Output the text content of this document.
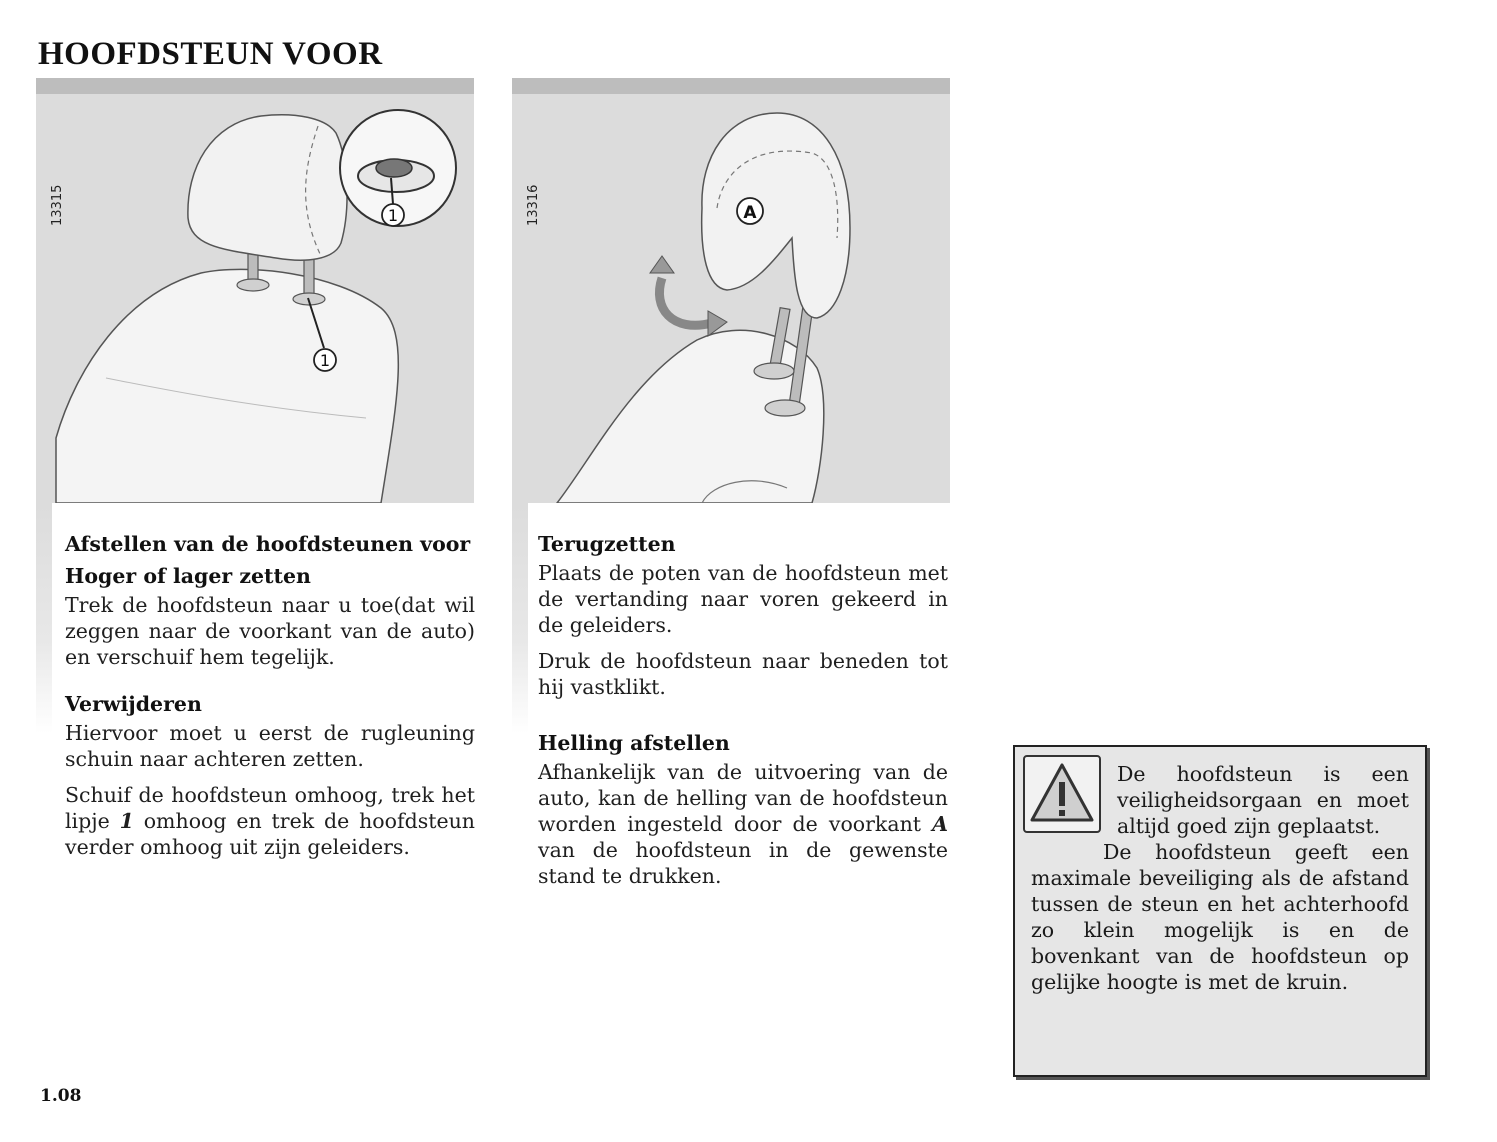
HOOFDSTEUN VOOR
13315	1
1
13316	A
Afstellen van de hoofdsteunen voor
Hoger of lager zetten

Trek de hoofdsteun naar u toe(dat wil zeggen naar de voorkant van de auto) en verschuif hem tegelijk.

Verwijderen

Hiervoor moet u eerst de rugleuning schuin naar achteren zetten.

Schuif de hoofdsteun omhoog, trek het lipje 1 omhoog en trek de hoofdsteun verder omhoog uit zijn geleiders.

Terugzetten

Plaats de poten van de hoofdsteun met de vertanding naar voren gekeerd in de geleiders.

Druk de hoofdsteun naar beneden tot hij vastklikt.

Helling afstellen

Afhankelijk van de uitvoering van de auto, kan de helling van de hoofdsteun worden ingesteld door de voorkant A van de hoofdsteun in de gewenste stand te drukken.

De hoofdsteun is een veiligheidsorgaan en moet altijd goed zijn geplaatst.
De hoofdsteun geeft een maximale beveiliging als de afstand tussen de steun en het achterhoofd zo klein mogelijk is en de bovenkant van de hoofdsteun op gelijke hoogte is met de kruin.

1.08
